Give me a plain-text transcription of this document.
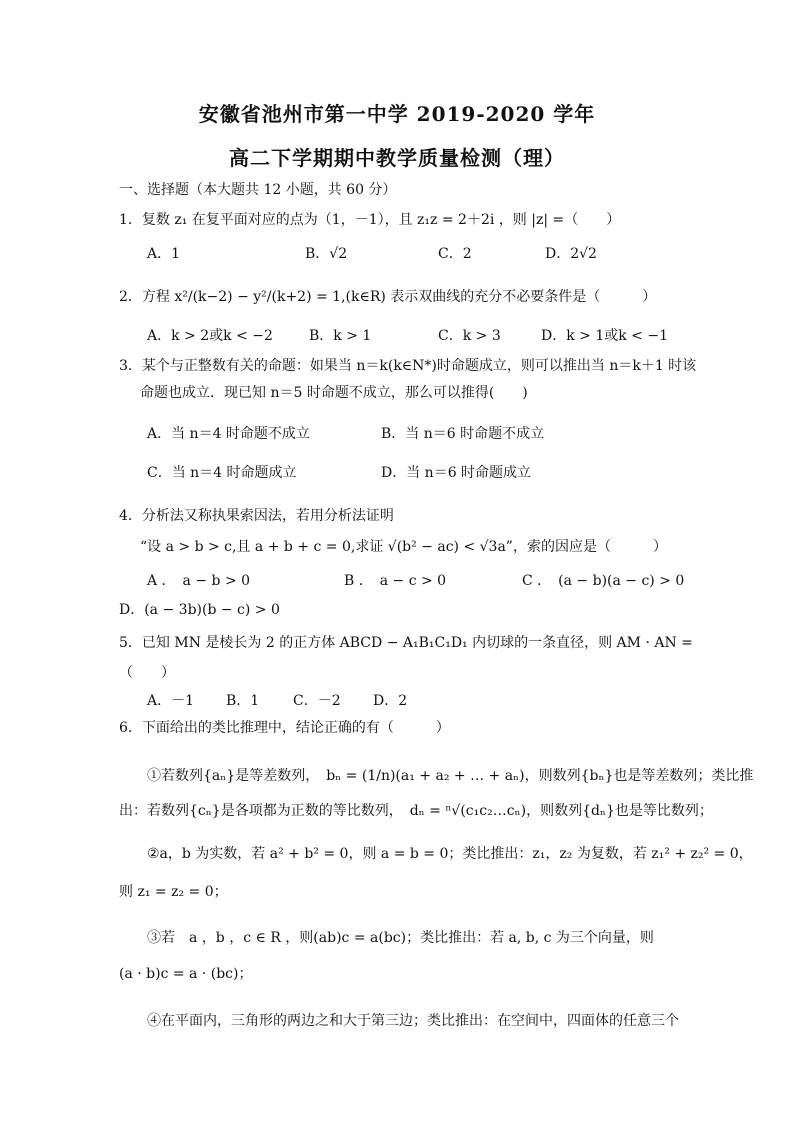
安徽省池州市第一中学 2019-2020 学年
高二下学期期中教学质量检测（理）
一、选择题（本大题共 12 小题，共 60 分）
1．复数 z₁ 在复平面对应的点为（1，－1），且 z₁z = 2＋2i ，则 |z| =（　　）
A．1	B．√2	C．2	D．2√2
2．方程 x²/(k−2) − y²/(k+2) = 1,(k∈R) 表示双曲线的充分不必要条件是（　　　）
A．k > 2或k < −2	B．k > 1	C．k > 3	D．k > 1或k < −1
3．某个与正整数有关的命题：如果当 n＝k(k∈N*)时命题成立，则可以推出当 n＝k＋1 时该
命题也成立．现已知 n＝5 时命题不成立，那么可以推得(　　)
A．当 n＝4 时命题不成立	B．当 n＝6 时命题不成立
C．当 n＝4 时命题成立	D．当 n＝6 时命题成立
4．分析法又称执果索因法，若用分析法证明
“设 a > b > c,且 a + b + c = 0,求证 √(b² − ac) < √3a”，索的因应是（　　　）
A ．　a − b > 0	B ．　a − c > 0	C ．　(a − b)(a − c) > 0
D．(a − 3b)(b − c) > 0
5．已知 MN 是棱长为 2 的正方体 ABCD − A₁B₁C₁D₁ 内切球的一条直径，则 AM · AN =
（　　）
A．－1 B．1 C．－2 D．2
6．下面给出的类比推理中，结论正确的有（　　　）
①若数列{aₙ}是等差数列，　bₙ = (1/n)(a₁ + a₂ + … + aₙ)，则数列{bₙ}也是等差数列；类比推
出：若数列{cₙ}是各项都为正数的等比数列，　dₙ = ⁿ√(c₁c₂…cₙ)，则数列{dₙ}也是等比数列；
②a，b 为实数，若 a² + b² = 0，则 a = b = 0；类比推出：z₁，z₂ 为复数，若 z₁² + z₂² = 0，
则 z₁ = z₂ = 0；
③若　a ，b ，c ∈ R ，则(ab)c = a(bc)；类比推出：若 a, b, c 为三个向量，则
(a · b)c = a · (bc)；
④在平面内，三角形的两边之和大于第三边；类比推出：在空间中，四面体的任意三个
